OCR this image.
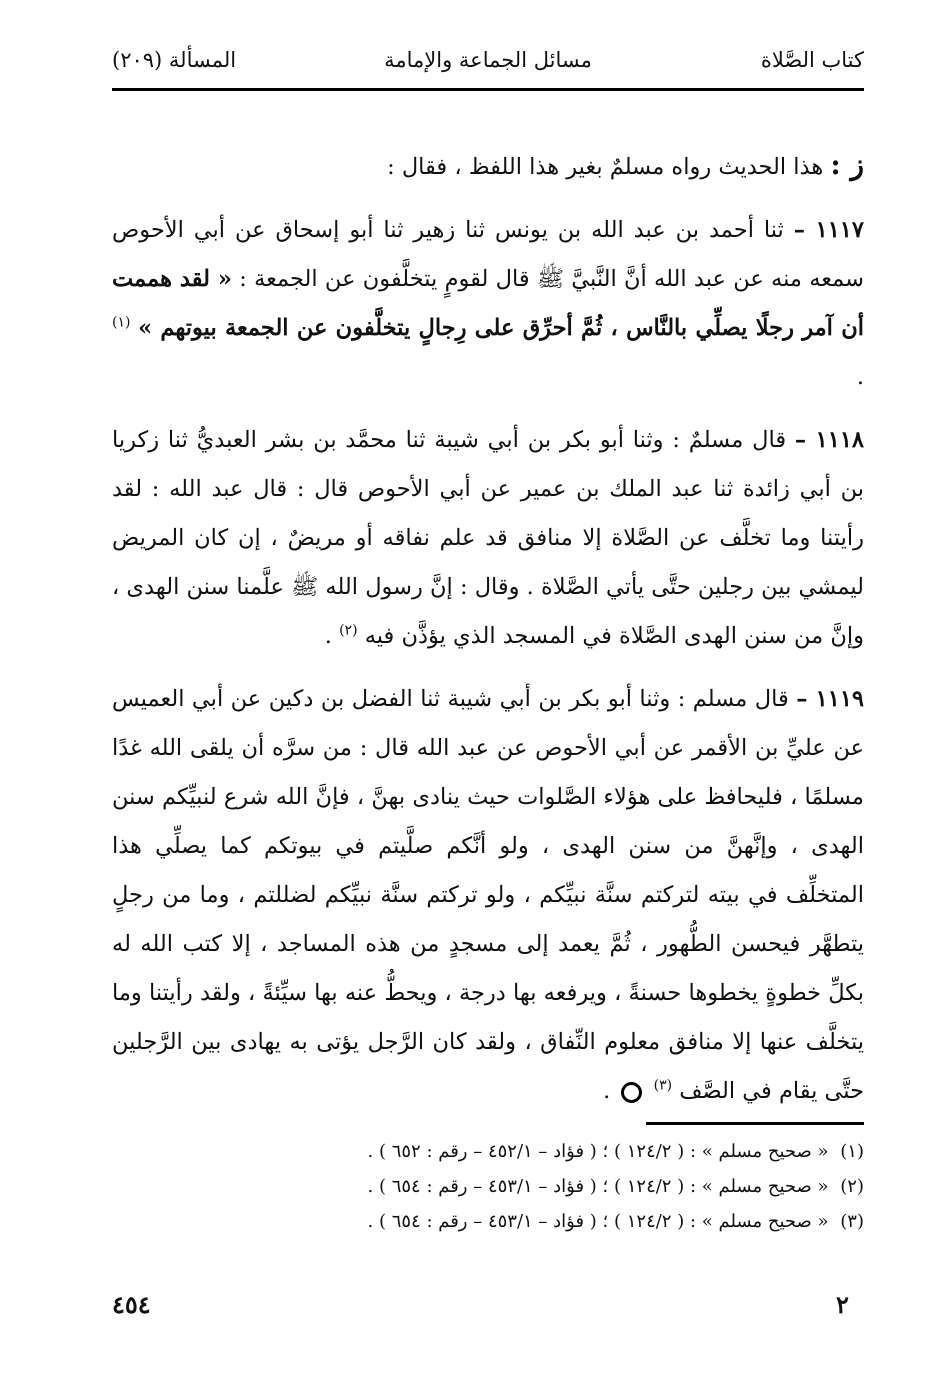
كتاب الصَّلاة
مسائل الجماعة والإمامة
المسألة (٢٠٩)

ز : هذا الحديث رواه مسلمٌ بغير هذا اللفظ ، فقال :

١١١٧ – ثنا أحمد بن عبد الله بن يونس ثنا زهير ثنا أبو إسحاق عن أبي الأحوص سمعه منه عن عبد الله أنَّ النَّبيَّ ﷺ قال لقومٍ يتخلَّفون عن الجمعة : « لقد هممت أن آمر رجلًا يصلِّي بالنَّاس ، ثُمَّ أحرِّق على رِجالٍ يتخلَّفون عن الجمعة بيوتهم » $^{(١)}$ .

١١١٨ – قال مسلمٌ : وثنا أبو بكر بن أبي شيبة ثنا محمَّد بن بشر العبديُّ ثنا زكريا بن أبي زائدة ثنا عبد الملك بن عمير عن أبي الأحوص قال : قال عبد الله : لقد رأيتنا وما تخلَّف عن الصَّلاة إلا منافق قد علم نفاقه أو مريضٌ ، إن كان المريض ليمشي بين رجلين حتَّى يأتي الصَّلاة . وقال : إنَّ رسول الله ﷺ علَّمنا سنن الهدى ، وإنَّ من سنن الهدى الصَّلاة في المسجد الذي يؤذَّن فيه $^{(٢)}$ .

١١١٩ – قال مسلم : وثنا أبو بكر بن أبي شيبة ثنا الفضل بن دكين عن أبي العميس عن عليِّ بن الأقمر عن أبي الأحوص عن عبد الله قال : من سرَّه أن يلقى الله غدًا مسلمًا ، فليحافظ على هؤلاء الصَّلوات حيث ينادى بهنَّ ، فإنَّ الله شرع لنبيِّكم سنن الهدى ، وإنَّهنَّ من سنن الهدى ، ولو أنَّكم صلَّيتم في بيوتكم كما يصلِّي هذا المتخلِّف في بيته لتركتم سنَّة نبيِّكم ، ولو تركتم سنَّة نبيِّكم لضللتم ، وما من رجلٍ يتطهَّر فيحسن الطُّهور ، ثُمَّ يعمد إلى مسجدٍ من هذه المساجد ، إلا كتب الله له بكلِّ خطوةٍ يخطوها حسنةً ، ويرفعه بها درجة ، ويحطُّ عنه بها سيِّئةً ، ولقد رأيتنا وما يتخلَّف عنها إلا منافق معلوم النِّفاق ، ولقد كان الرَّجل يؤتى به يهادى بين الرَّجلين حتَّى يقام في الصَّف $^{(٣)}$  .

(١) « صحيح مسلم » : ( ١٢٤/٢ ) ؛ ( فؤاد – ٤٥٢/١ – رقم : ٦٥٢ ) .
(٢) « صحيح مسلم » : ( ١٢٤/٢ ) ؛ ( فؤاد – ٤٥٣/١ – رقم : ٦٥٤ ) .
(٣) « صحيح مسلم » : ( ١٢٤/٢ ) ؛ ( فؤاد – ٤٥٣/١ – رقم : ٦٥٤ ) .
٤٥٤	٢
